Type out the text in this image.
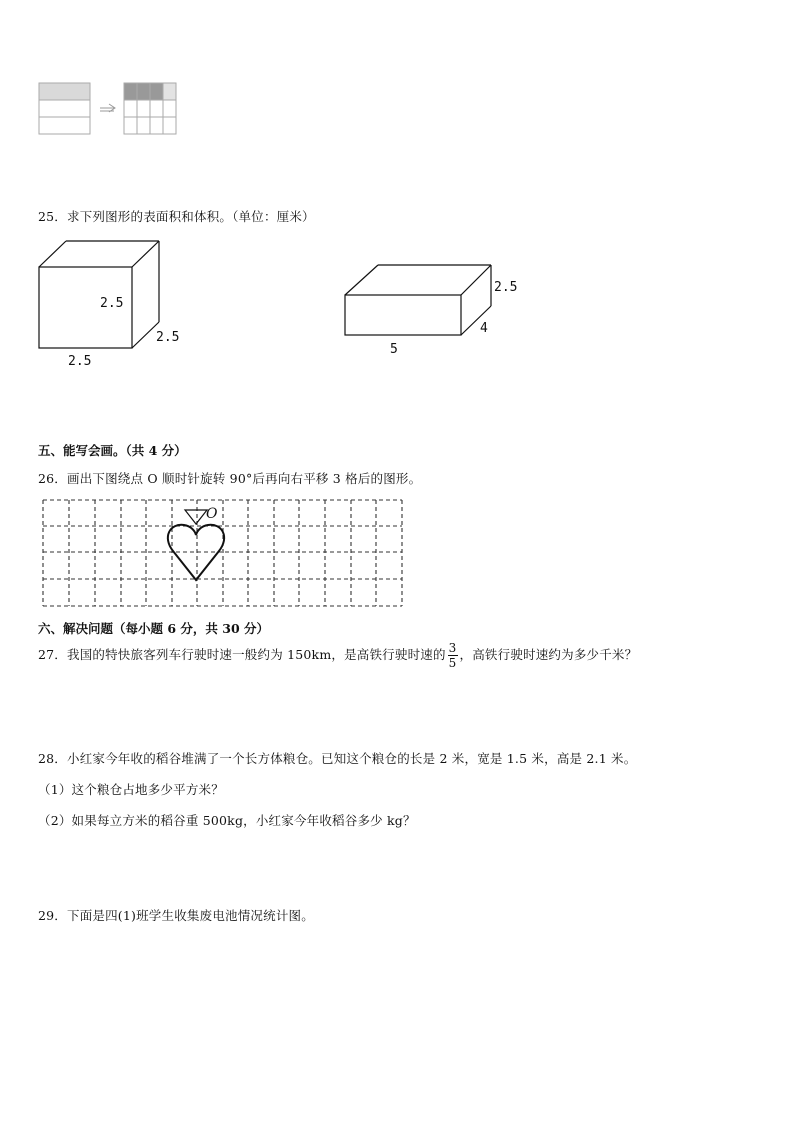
25．求下列图形的表面积和体积。（单位：厘米）
2.5
2.5
2.5
2.5
4
5
五、能写会画。（共 4 分）
26．画出下图绕点 O 顺时针旋转 90°后再向右平移 3 格后的图形。
O
六、解决问题（每小题 6 分，共 30 分）
27．我国的特快旅客列车行驶时速一般约为 150km，是高铁行驶时速的 $\frac{3}{5}$ ，高铁行驶时速约为多少千米？
28．小红家今年收的稻谷堆满了一个长方体粮仓。已知这个粮仓的长是 2 米，宽是 1.5 米，高是 2.1 米。
（1）这个粮仓占地多少平方米？
（2）如果每立方米的稻谷重 500kg，小红家今年收稻谷多少 kg？
29．下面是四(1)班学生收集废电池情况统计图。
